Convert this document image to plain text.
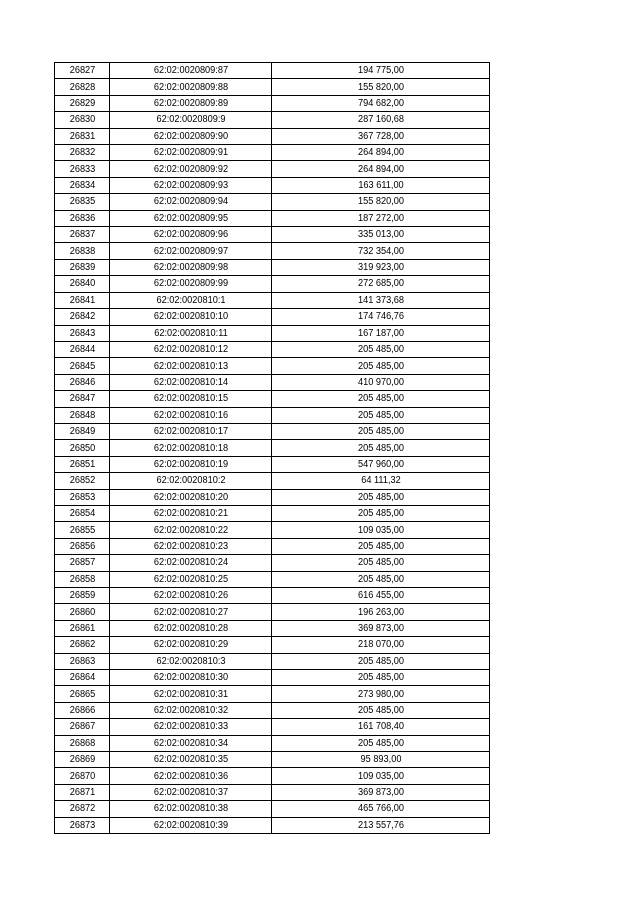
26827	62:02:0020809:87	194 775,00
26828	62:02:0020809:88	155 820,00
26829	62:02:0020809:89	794 682,00
26830	62:02:0020809:9	287 160,68
26831	62:02:0020809:90	367 728,00
26832	62:02:0020809:91	264 894,00
26833	62:02:0020809:92	264 894,00
26834	62:02:0020809:93	163 611,00
26835	62:02:0020809:94	155 820,00
26836	62:02:0020809:95	187 272,00
26837	62:02:0020809:96	335 013,00
26838	62:02:0020809:97	732 354,00
26839	62:02:0020809:98	319 923,00
26840	62:02:0020809:99	272 685,00
26841	62:02:0020810:1	141 373,68
26842	62:02:0020810:10	174 746,76
26843	62:02:0020810:11	167 187,00
26844	62:02:0020810:12	205 485,00
26845	62:02:0020810:13	205 485,00
26846	62:02:0020810:14	410 970,00
26847	62:02:0020810:15	205 485,00
26848	62:02:0020810:16	205 485,00
26849	62:02:0020810:17	205 485,00
26850	62:02:0020810:18	205 485,00
26851	62:02:0020810:19	547 960,00
26852	62:02:0020810:2	64 111,32
26853	62:02:0020810:20	205 485,00
26854	62:02:0020810:21	205 485,00
26855	62:02:0020810:22	109 035,00
26856	62:02:0020810:23	205 485,00
26857	62:02:0020810:24	205 485,00
26858	62:02:0020810:25	205 485,00
26859	62:02:0020810:26	616 455,00
26860	62:02:0020810:27	196 263,00
26861	62:02:0020810:28	369 873,00
26862	62:02:0020810:29	218 070,00
26863	62:02:0020810:3	205 485,00
26864	62:02:0020810:30	205 485,00
26865	62:02:0020810:31	273 980,00
26866	62:02:0020810:32	205 485,00
26867	62:02:0020810:33	161 708,40
26868	62:02:0020810:34	205 485,00
26869	62:02:0020810:35	95 893,00
26870	62:02:0020810:36	109 035,00
26871	62:02:0020810:37	369 873,00
26872	62:02:0020810:38	465 766,00
26873	62:02:0020810:39	213 557,76
